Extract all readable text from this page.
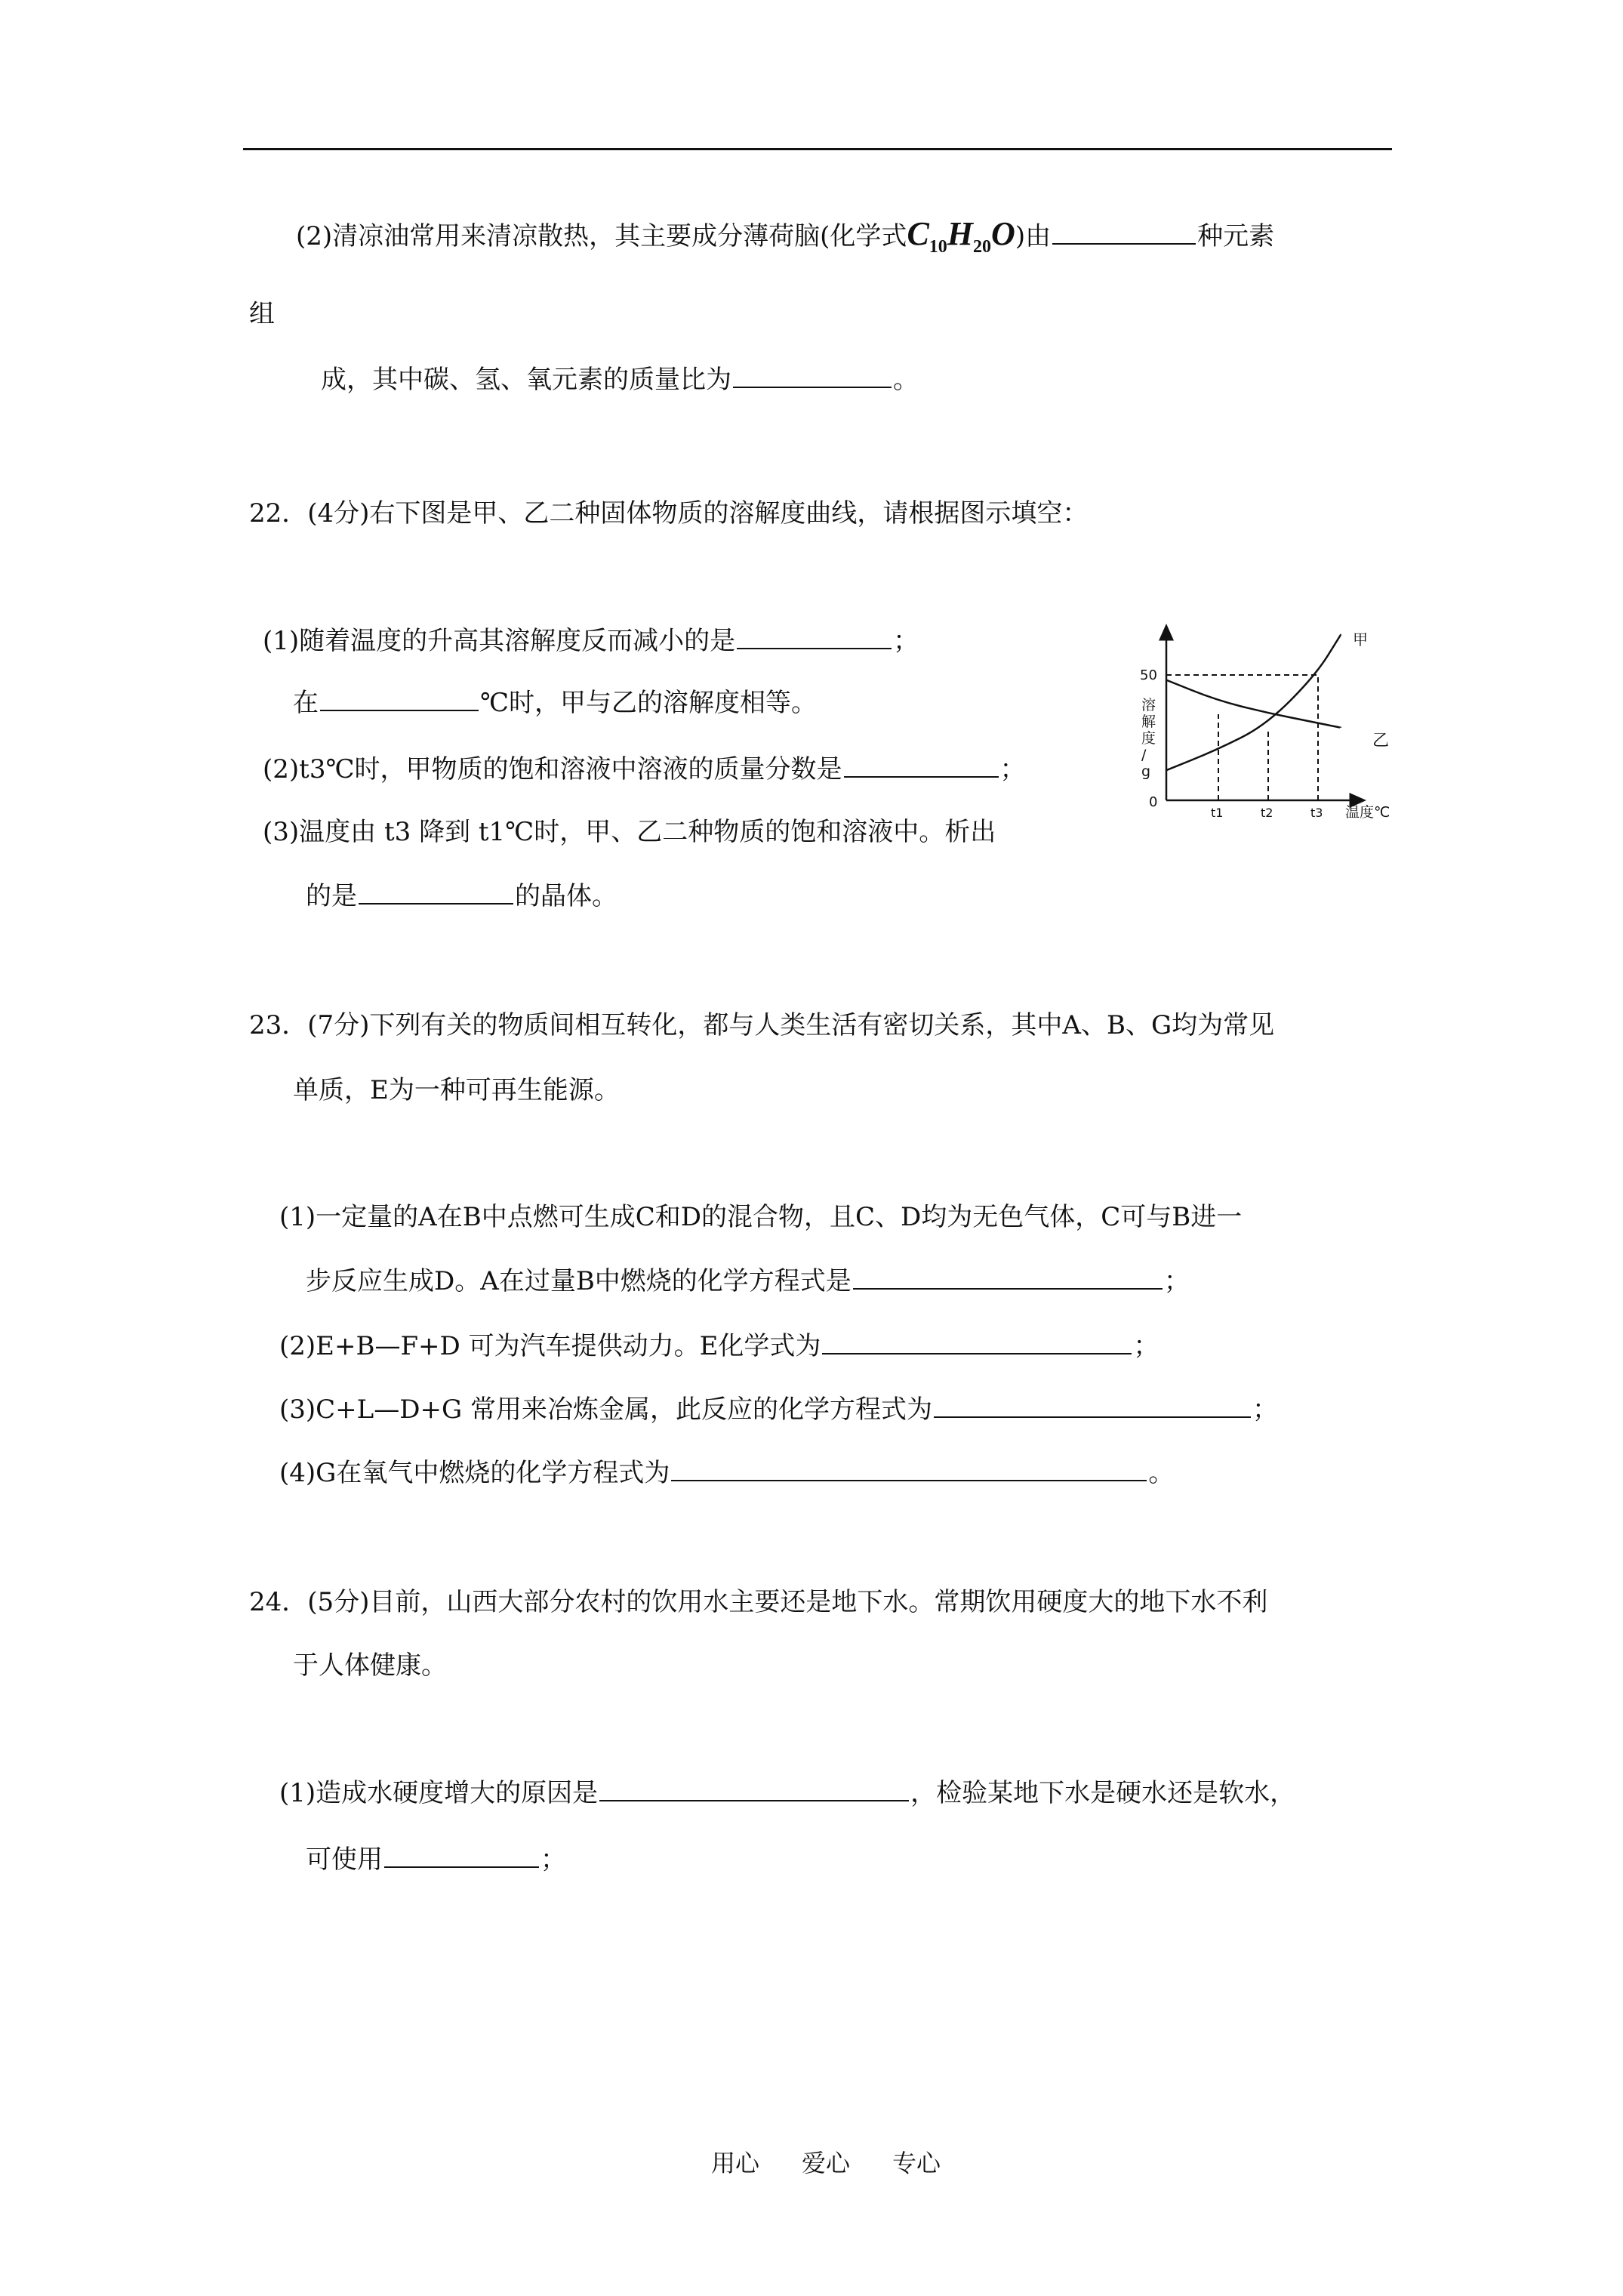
(2)清凉油常用来清凉散热，其主要成分薄荷脑(化学式$C_{10}H_{20}O$)由	种元素
组
成，其中碳、氢、氧元素的质量比为	。
22．(4分)右下图是甲、乙二种固体物质的溶解度曲线，请根据图示填空：
(1)随着温度的升高其溶解度反而减小的是	；
在	℃时，甲与乙的溶解度相等。
(2)t3℃时，甲物质的饱和溶液中溶液的质量分数是	；
(3)温度由 t3 降到 t1℃时，甲、乙二种物质的饱和溶液中。析出
的是	的晶体。
50
0
t1	t2	t3 温度℃
溶解度/ g
甲
乙
23．(7分)下列有关的物质间相互转化，都与人类生活有密切关系，其中A、B、G均为常见
单质，E为一种可再生能源。
(1)一定量的A在B中点燃可生成C和D的混合物，且C、D均为无色气体，C可与B进一
步反应生成D。A在过量B中燃烧的化学方程式是	；
(2)E+B—F+D 可为汽车提供动力。E化学式为	；
(3)C+L—D+G 常用来冶炼金属，此反应的化学方程式为	；
(4)G在氧气中燃烧的化学方程式为	。
24．(5分)目前，山西大部分农村的饮用水主要还是地下水。常期饮用硬度大的地下水不利
于人体健康。
(1)造成水硬度增大的原因是	，检验某地下水是硬水还是软水，
可使用	；
用心 爱心 专心
